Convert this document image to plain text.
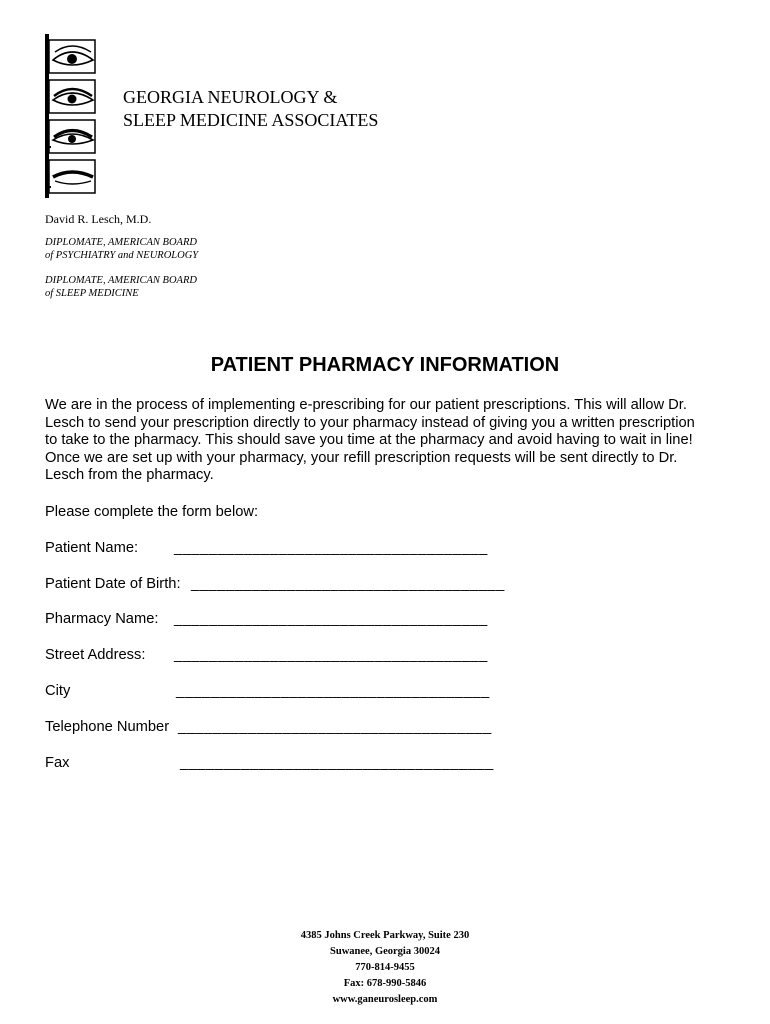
GEORGIA NEUROLOGY &
SLEEP MEDICINE ASSOCIATES
David R. Lesch, M.D.
DIPLOMATE, AMERICAN BOARD
of PSYCHIATRY and NEUROLOGY
DIPLOMATE, AMERICAN BOARD
of SLEEP MEDICINE
PATIENT PHARMACY INFORMATION
We are in the process of implementing e-prescribing for our patient prescriptions. This will allow Dr.
Lesch to send your prescription directly to your pharmacy instead of giving you a written prescription
to take to the pharmacy. This should save you time at the pharmacy and avoid having to wait in line!
Once we are set up with your pharmacy, your refill prescription requests will be sent directly to Dr.
Lesch from the pharmacy.
Please complete the form below:
Patient Name: ____________________________________
Patient Date of Birth: ____________________________________
Pharmacy Name: ____________________________________
Street Address: ____________________________________
City	____________________________________
Telephone Number ____________________________________
Fax	____________________________________
4385 Johns Creek Parkway, Suite 230
Suwanee, Georgia 30024
770-814-9455
Fax: 678-990-5846
www.ganeurosleep.com
